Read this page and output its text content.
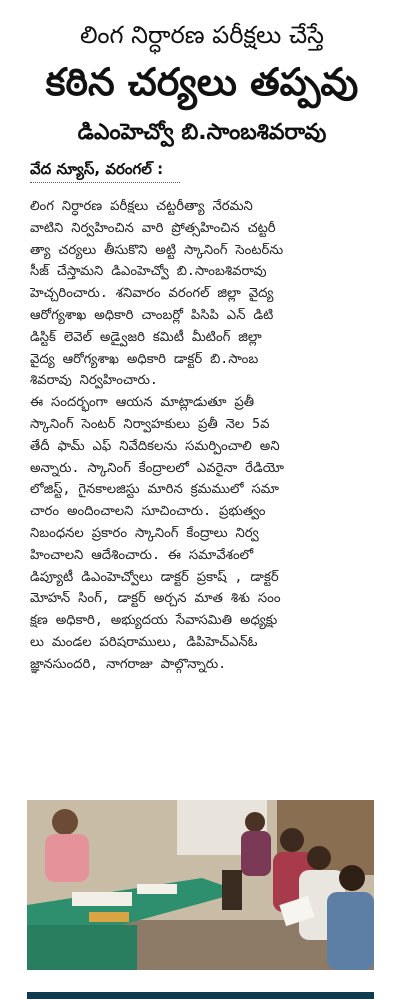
లింగ నిర్ధారణ పరీక్షలు చేస్తే
కఠిన చర్యలు తప్పవు
డిఎంహెచ్వో బి.సాంబశివరావు
వేద న్యూస్, వరంగల్ :
లింగ నిర్ధారణ పరీక్షలు చట్టరీత్యా నేరమని
వాటిని నిర్వహించిన వారి ప్రోత్సహించిన చట్టరీ
త్యా చర్యలు తీసుకొని అట్టి స్కానింగ్ సెంటర్‌ను
సీజ్ చేస్తామని డిఎంహెచ్వో బి.సాంబశివరావు
హెచ్చరించారు. శనివారం వరంగల్ జిల్లా వైద్య
ఆరోగ్యశాఖ అధికారి చాంబర్లో పిసిపి ఎన్ డిటి
డిస్టిక్ లెవెల్ అడ్వైజరి కమిటీ మీటింగ్ జిల్లా
వైద్య ఆరోగ్యశాఖ అధికారి డాక్టర్ బి.సాంబ
శివరావు నిర్వహించారు.
ఈ సందర్భంగా ఆయన మాట్లాడుతూ ప్రతీ
స్కానింగ్ సెంటర్ నిర్వాహకులు ప్రతీ నెల 5వ
తేదీ ఫామ్ ఎఫ్ నివేదికలను సమర్పించాలి అని
అన్నారు. స్కానింగ్ కేంద్రాలలో ఎవరైనా రేడియో
లోజిస్ట్, గైనకాలజిస్టు మారిన క్రమములో సమా
చారం అందించాలని సూచించారు. ప్రభుత్వం
నిబంధనల ప్రకారం స్కానింగ్ కేంద్రాలు నిర్వ
హించాలని ఆదేశించారు. ఈ సమావేశంలో
డిప్యూటీ డిఎంహెచ్వోలు డాక్టర్ ప్రకాష్ , డాక్టర్
మోహన్ సింగ్, డాక్టర్ అర్చన మాత శిశు సంం
క్షణ అధికారి, అభ్యుదయ సేవాసమితి అధ్యక్షు
లు మండల పరిషరాములు, డిపిహెచ్ఎన్ఓ
జ్ఞానసుందరి, నాగరాజు పాల్గొన్నారు.
